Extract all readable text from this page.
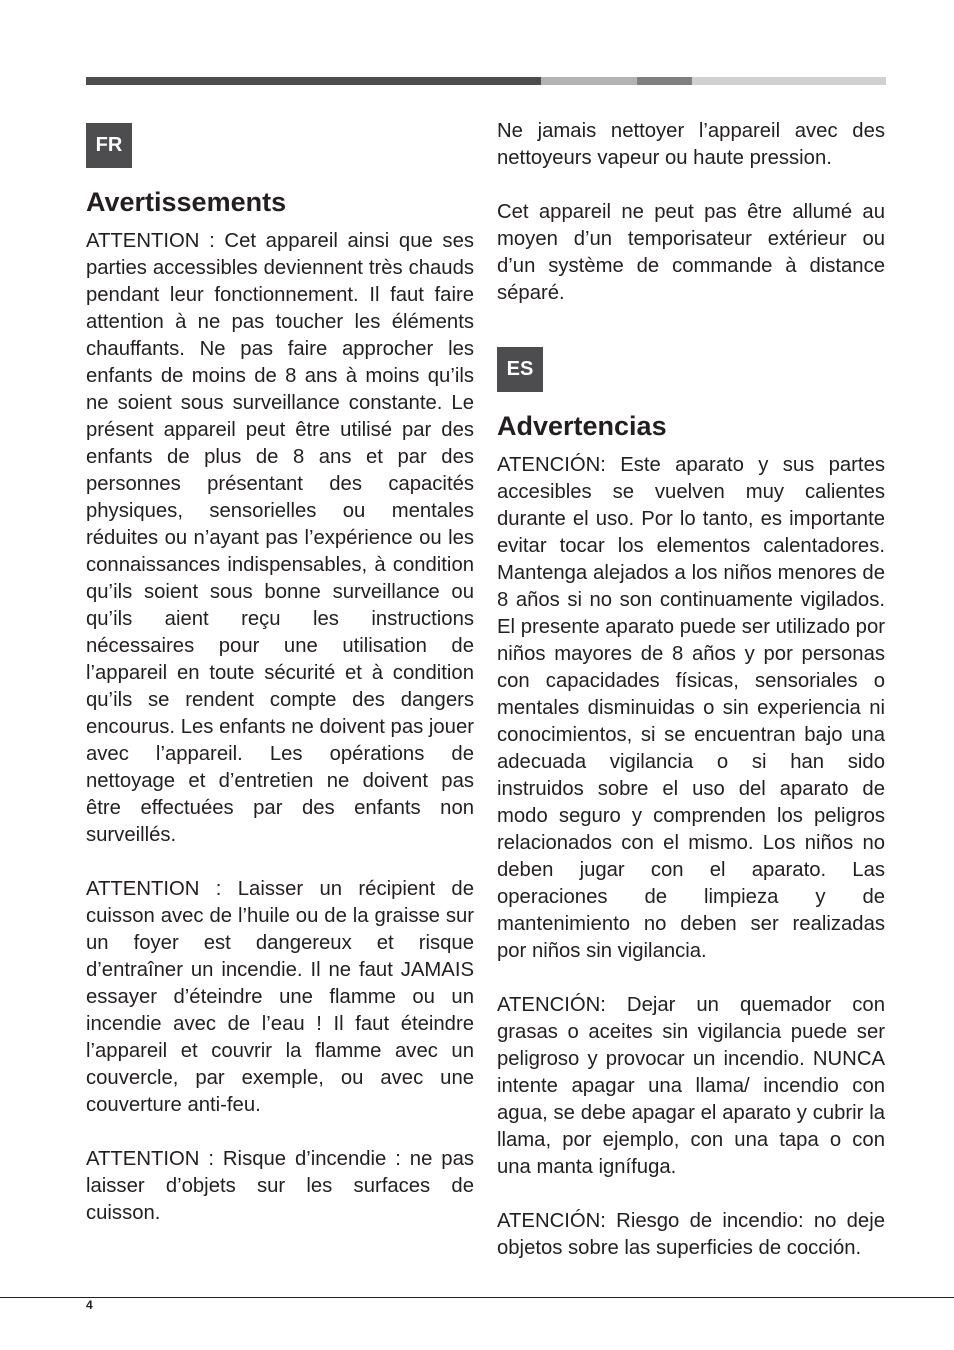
FR
Avertissements

ATTENTION : Cet appareil ainsi que ses parties accessibles deviennent très chauds pendant leur fonctionnement. Il faut faire attention à ne pas toucher les éléments chauffants. Ne pas faire approcher les enfants de moins de 8 ans à moins qu’ils ne soient sous surveillance constante. Le présent appareil peut être utilisé par des enfants de plus de 8 ans et par des personnes présentant des capacités physiques, sensorielles ou mentales réduites ou n’ayant pas l’expérience ou les connaissances indispensables, à condition qu’ils soient sous bonne surveillance ou qu’ils aient reçu les instructions nécessaires pour une utilisation de l’appareil en toute sécurité et à condition qu’ils se rendent compte des dangers encourus. Les enfants ne doivent pas jouer avec l’appareil. Les opérations de nettoyage et d’entretien ne doivent pas être effectuées par des enfants non surveillés.

ATTENTION : Laisser un récipient de cuisson avec de l’huile ou de la graisse sur un foyer est dangereux et risque d’entraîner un incendie. Il ne faut JAMAIS essayer d’éteindre une flamme ou un incendie avec de l’eau ! Il faut éteindre l’appareil et couvrir la flamme avec un couvercle, par exemple, ou avec une couverture anti-feu.

ATTENTION : Risque d’incendie : ne pas laisser d’objets sur les surfaces de cuisson.

Ne jamais nettoyer l’appareil avec des nettoyeurs vapeur ou haute pression.

Cet appareil ne peut pas être allumé au moyen d’un temporisateur extérieur ou d’un système de commande à distance séparé.

ES
Advertencias

ATENCIÓN: Este aparato y sus partes accesibles se vuelven muy calientes durante el uso. Por lo tanto, es importante evitar tocar los elementos calentadores. Mantenga alejados a los niños menores de 8 años si no son continuamente vigilados. El presente aparato puede ser utilizado por niños mayores de 8 años y por personas con capacidades físicas, sensoriales o mentales disminuidas o sin experiencia ni conocimientos, si se encuentran bajo una adecuada vigilancia o si han sido instruidos sobre el uso del aparato de modo seguro y comprenden los peligros relacionados con el mismo. Los niños no deben jugar con el aparato. Las operaciones de limpieza y de mantenimiento no deben ser realizadas por niños sin vigilancia.

ATENCIÓN: Dejar un quemador con grasas o aceites sin vigilancia puede ser peligroso y provocar un incendio. NUNCA intente apagar una llama/ incendio con agua, se debe apagar el aparato y cubrir la llama, por ejemplo, con una tapa o con una manta ignífuga.

ATENCIÓN: Riesgo de incendio: no deje objetos sobre las superficies de cocción.

4
